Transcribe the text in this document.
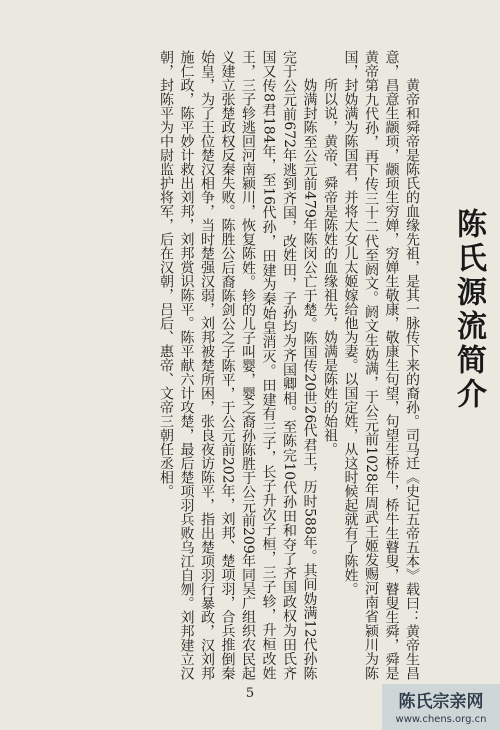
陈氏源流简介

黄帝和舜帝是陈氏的血缘先祖，是其一脉传下来的裔孙。司马迁《史记五帝五本》载曰：黄帝生昌意，昌意生颛顼，颛顼生穷婵，穷婵生敬康，敬康生句望，句望生桥牛，桥牛生瞽叟，瞽叟生舜，舜是黄帝第九代孙，再下传三十二代至阏文。阏文生妫满，于公元前1028年周武王姬发赐河南省颍川为陈国，封妫满为陈国君，并将大女儿太姬嫁给他为妻。以国定姓，从这时候起就有了陈姓。

所以说，黄帝、舜帝是陈姓的血缘祖先，妫满是陈姓的始祖。

妫满封陈至公元前479年陈闵公亡于楚。陈国传20世26代君王，历时588年。其间妫满12代孙陈完于公元前672年逃到齐国，改姓田，子孙均为齐国卿相。至陈完10代孙田和夺了齐国政权为田氏齐国又传8君184年，至16代孙，田建为秦始皇消灭。田建有三子，长子升次子桓，三子轸，升桓改姓王，三子轸逃回河南颍川，恢复陈姓。轸的儿子叫婴，婴之裔孙陈胜于公元前209年同吴广组织农民起义建立张楚政权反秦失败。陈胜公后裔陈剑公之子陈平，于公元前202年，刘邦、楚项羽，合兵推倒秦始皇，为了王位楚汉相争，当时楚强汉弱，刘邦被楚所困，张良夜访陈平，指出楚项羽行暴政，汉刘邦施仁政，陈平妙计救出刘邦，刘邦赏识陈平。陈平献六计攻楚，最后楚项羽兵败乌江自刎。刘邦建立汉朝，封陈平为中尉监护将军，后在汉朝，吕后、惠帝、文帝三朝任丞相。

5	陈氏宗亲网
www.chens.org.cn
